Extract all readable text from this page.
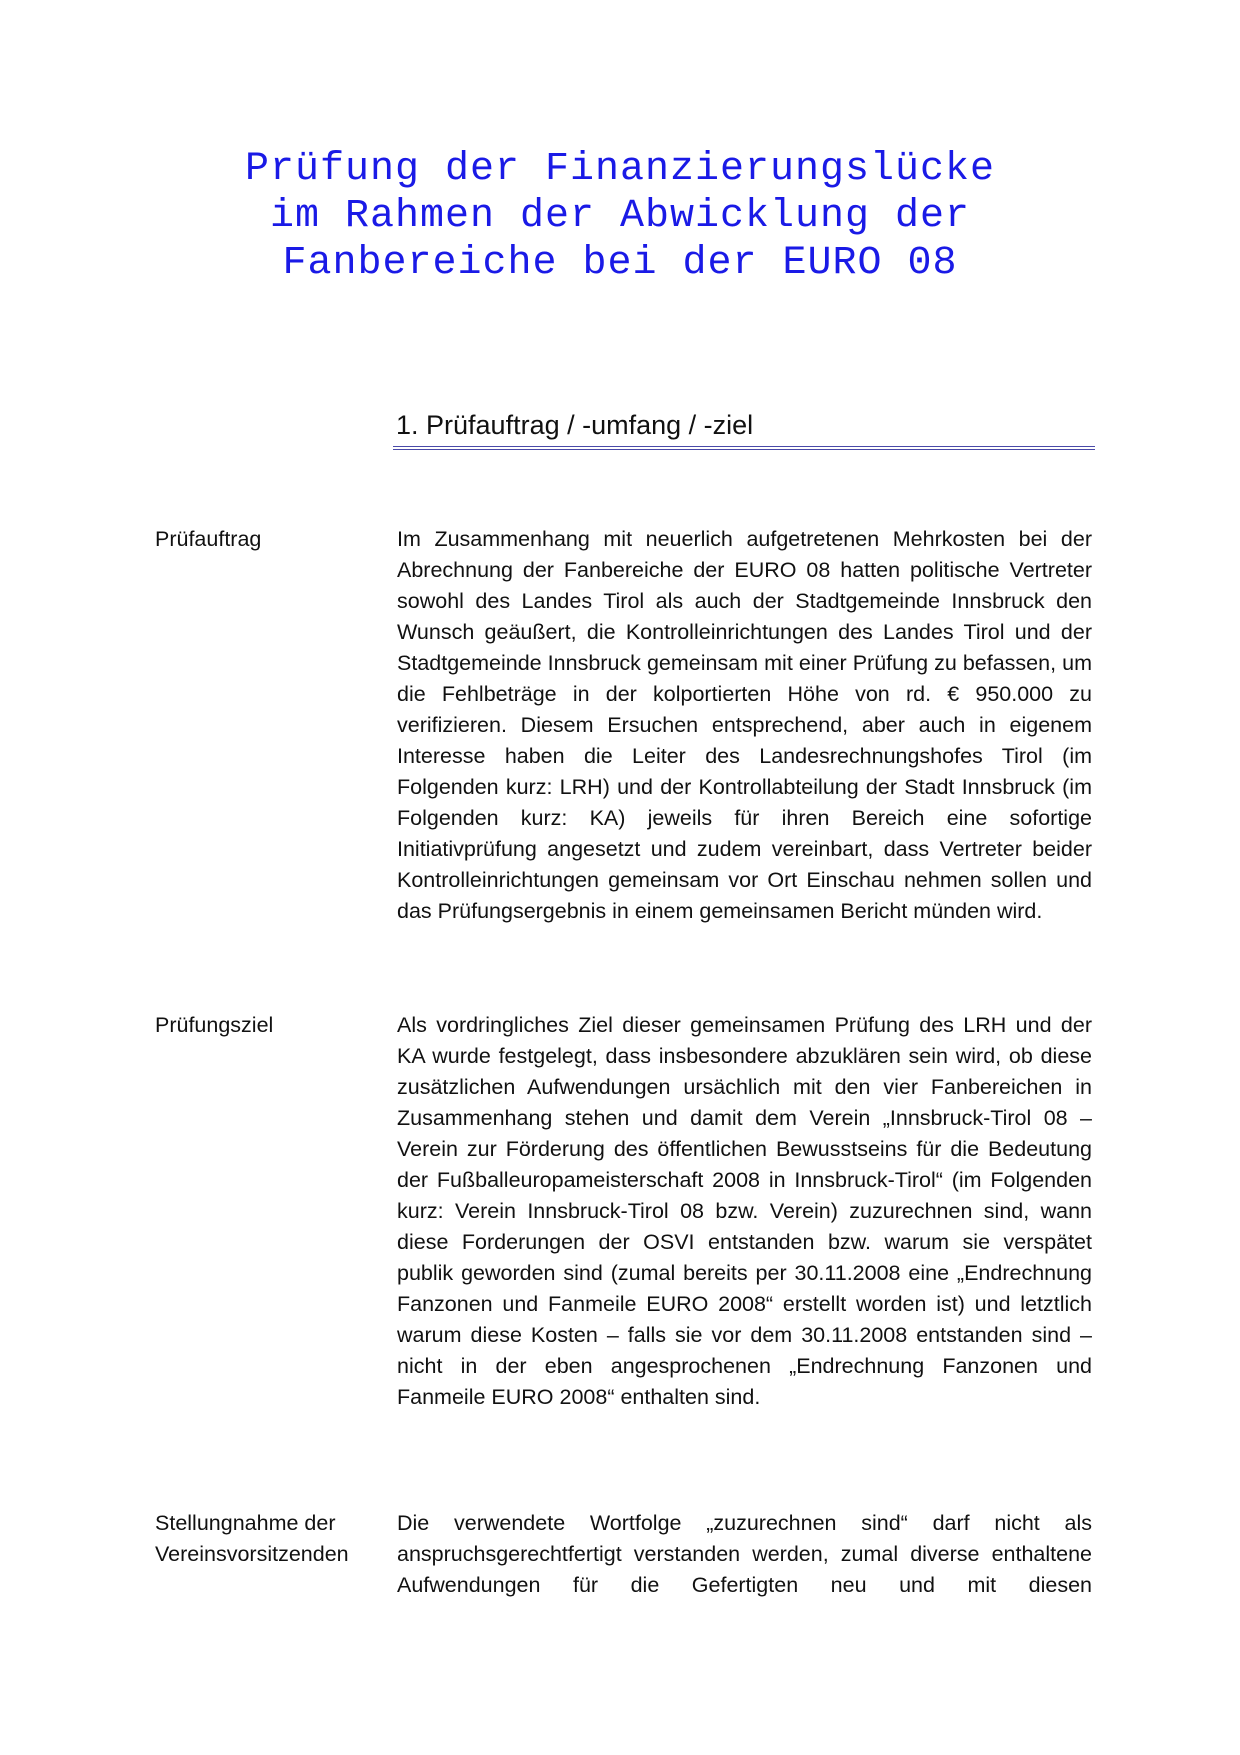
Prüfung der Finanzierungslücke
im Rahmen der Abwicklung der
Fanbereiche bei der EURO 08
1. Prüfauftrag / -umfang / -ziel

Prüfauftrag	Im Zusammenhang mit neuerlich aufgetretenen Mehrkosten bei der Abrechnung der Fanbereiche der EURO 08 hatten politische Vertreter sowohl des Landes Tirol als auch der Stadtgemeinde Innsbruck den Wunsch geäußert, die Kontrolleinrichtungen des Landes Tirol und der Stadtgemeinde Innsbruck gemeinsam mit einer Prüfung zu befassen, um die Fehlbeträge in der kolportierten Höhe von rd. € 950.000 zu verifizieren. Diesem Ersuchen entsprechend, aber auch in eigenem Interesse haben die Leiter des Landesrechnungshofes Tirol (im Folgenden kurz: LRH) und der Kontrollabteilung der Stadt Innsbruck (im Folgenden kurz: KA) jeweils für ihren Bereich eine sofortige Initiativprüfung angesetzt und zudem vereinbart, dass Vertreter beider Kontrolleinrichtungen gemeinsam vor Ort Einschau nehmen sollen und das Prüfungsergebnis in einem gemeinsamen Bericht münden wird.

Prüfungsziel	Als vordringliches Ziel dieser gemeinsamen Prüfung des LRH und der KA wurde festgelegt, dass insbesondere abzuklären sein wird, ob diese zusätzlichen Aufwendungen ursächlich mit den vier Fanbereichen in Zusammenhang stehen und damit dem Verein „Innsbruck-Tirol 08 – Verein zur Förderung des öffentlichen Bewusstseins für die Bedeutung der Fußballeuropameisterschaft 2008 in Innsbruck-Tirol“ (im Folgenden kurz: Verein Innsbruck-Tirol 08 bzw. Verein) zuzurechnen sind, wann diese Forderungen der OSVI entstanden bzw. warum sie verspätet publik geworden sind (zumal bereits per 30.11.2008 eine „Endrechnung Fanzonen und Fanmeile EURO 2008“ erstellt worden ist) und letztlich warum diese Kosten – falls sie vor dem 30.11.2008 entstanden sind – nicht in der eben angesprochenen „Endrechnung Fanzonen und Fanmeile EURO 2008“ enthalten sind.

Stellungnahme der
Vereinsvorsitzenden

Die verwendete Wortfolge „zuzurechnen sind“ darf nicht als anspruchsgerechtfertigt verstanden werden, zumal diverse enthaltene Aufwendungen für die Gefertigten neu und mit diesen
